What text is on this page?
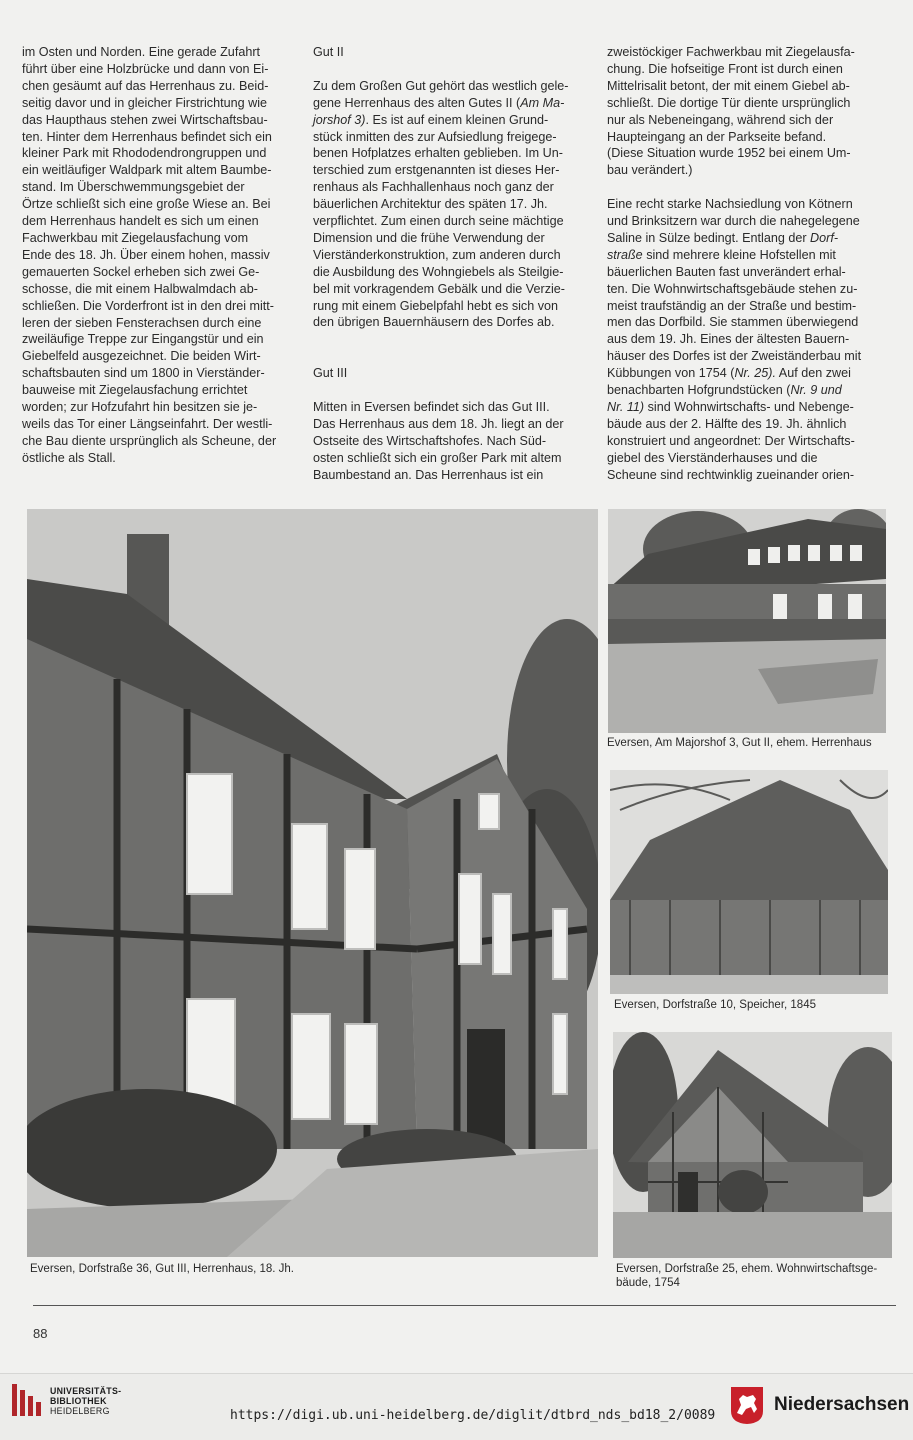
im Osten und Norden. Eine gerade Zufahrt

führt über eine Holzbrücke und dann von Ei-

chen gesäumt auf das Herrenhaus zu. Beid-

seitig davor und in gleicher Firstrichtung wie

das Haupthaus stehen zwei Wirtschaftsbau-

ten. Hinter dem Herrenhaus befindet sich ein

kleiner Park mit Rhododendrongruppen und

ein weitläufiger Waldpark mit altem Baumbe-

stand. Im Überschwemmungsgebiet der

Örtze schließt sich eine große Wiese an. Bei

dem Herrenhaus handelt es sich um einen

Fachwerkbau mit Ziegelausfachung vom

Ende des 18. Jh. Über einem hohen, massiv

gemauerten Sockel erheben sich zwei Ge-

schosse, die mit einem Halbwalmdach ab-

schließen. Die Vorderfront ist in den drei mitt-

leren der sieben Fensterachsen durch eine

zweiläufige Treppe zur Eingangstür und ein

Giebelfeld ausgezeichnet. Die beiden Wirt-

schaftsbauten sind um 1800 in Vierständer-

bauweise mit Ziegelausfachung errichtet

worden; zur Hofzufahrt hin besitzen sie je-

weils das Tor einer Längseinfahrt. Der westli-

che Bau diente ursprünglich als Scheune, der

östliche als Stall.

Gut II

Zu dem Großen Gut gehört das westlich gele-

gene Herrenhaus des alten Gutes II (Am Ma-

jorshof 3). Es ist auf einem kleinen Grund-

stück inmitten des zur Aufsiedlung freigege-

benen Hofplatzes erhalten geblieben. Im Un-

terschied zum erstgenannten ist dieses Her-

renhaus als Fachhallenhaus noch ganz der

bäuerlichen Architektur des späten 17. Jh.

verpflichtet. Zum einen durch seine mächtige

Dimension und die frühe Verwendung der

Vierständerkonstruktion, zum anderen durch

die Ausbildung des Wohngiebels als Steilgie-

bel mit vorkragendem Gebälk und die Verzie-

rung mit einem Giebelpfahl hebt es sich von

den übrigen Bauernhäusern des Dorfes ab.

Gut III

Mitten in Eversen befindet sich das Gut III.

Das Herrenhaus aus dem 18. Jh. liegt an der

Ostseite des Wirtschaftshofes. Nach Süd-

osten schließt sich ein großer Park mit altem

Baumbestand an. Das Herrenhaus ist ein

zweistöckiger Fachwerkbau mit Ziegelausfa-

chung. Die hofseitige Front ist durch einen

Mittelrisalit betont, der mit einem Giebel ab-

schließt. Die dortige Tür diente ursprünglich

nur als Nebeneingang, während sich der

Haupteingang an der Parkseite befand.

(Diese Situation wurde 1952 bei einem Um-

bau verändert.)

Eine recht starke Nachsiedlung von Kötnern

und Brinksitzern war durch die nahegelegene

Saline in Sülze bedingt. Entlang der Dorf-

straße sind mehrere kleine Hofstellen mit

bäuerlichen Bauten fast unverändert erhal-

ten. Die Wohnwirtschaftsgebäude stehen zu-

meist traufständig an der Straße und bestim-

men das Dorfbild. Sie stammen überwiegend

aus dem 19. Jh. Eines der ältesten Bauern-

häuser des Dorfes ist der Zweiständerbau mit

Kübbungen von 1754 (Nr. 25). Auf den zwei

benachbarten Hofgrundstücken (Nr. 9 und

Nr. 11) sind Wohnwirtschafts- und Nebenge-

bäude aus der 2. Hälfte des 19. Jh. ähnlich

konstruiert und angeordnet: Der Wirtschafts-

giebel des Vierständerhauses und die

Scheune sind rechtwinklig zueinander orien-

Eversen, Dorfstraße 36, Gut III, Herrenhaus, 18. Jh.
Eversen, Am Majorshof 3, Gut II, ehem. Herrenhaus
Eversen, Dorfstraße 10, Speicher, 1845
Eversen, Dorfstraße 25, ehem. Wohnwirtschaftsge-
bäude, 1754
88
UNIVERSITÄTS-
BIBLIOTHEK
HEIDELBERG	https://digi.ub.uni-heidelberg.de/diglit/dtbrd_nds_bd18_2/0089
Niedersachsen
